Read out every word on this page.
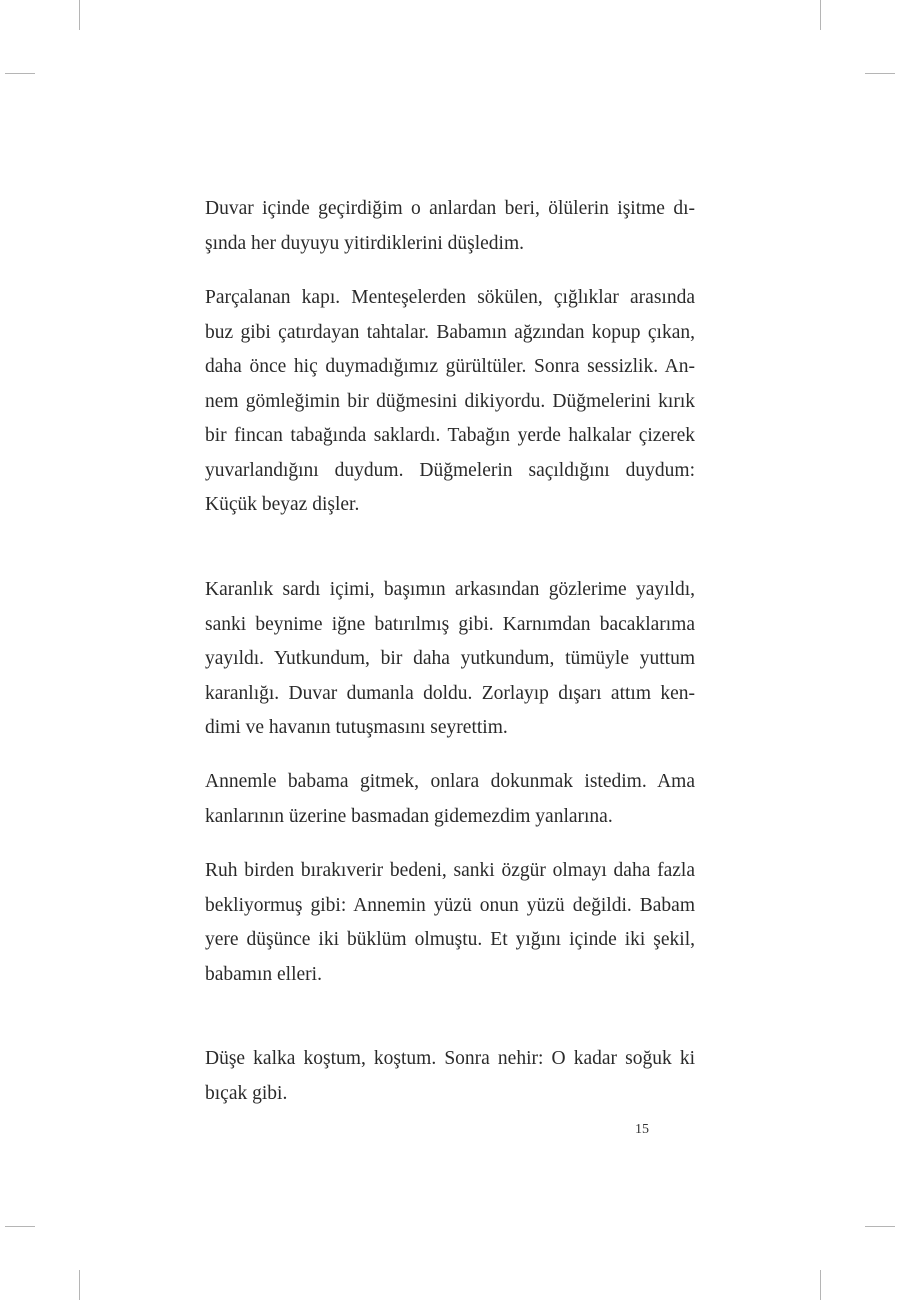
Duvar içinde geçirdiğim o anlardan beri, ölülerin işitme dı-
şında her duyuyu yitirdiklerini düşledim.

Parçalanan kapı. Menteşelerden sökülen, çığlıklar arasında
buz gibi çatırdayan tahtalar. Babamın ağzından kopup çıkan,
daha önce hiç duymadığımız gürültüler. Sonra sessizlik. An-
nem gömleğimin bir düğmesini dikiyordu. Düğmelerini kırık
bir fincan tabağında saklardı. Tabağın yerde halkalar çizerek
yuvarlandığını duydum. Düğmelerin saçıldığını duydum:
Küçük beyaz dişler.

Karanlık sardı içimi, başımın arkasından gözlerime yayıldı,
sanki beynime iğne batırılmış gibi. Karnımdan bacaklarıma
yayıldı. Yutkundum, bir daha yutkundum, tümüyle yuttum
karanlığı. Duvar dumanla doldu. Zorlayıp dışarı attım ken-
dimi ve havanın tutuşmasını seyrettim.

Annemle babama gitmek, onlara dokunmak istedim. Ama
kanlarının üzerine basmadan gidemezdim yanlarına.

Ruh birden bırakıverir bedeni, sanki özgür olmayı daha fazla
bekliyormuş gibi: Annemin yüzü onun yüzü değildi. Babam
yere düşünce iki büklüm olmuştu. Et yığını içinde iki şekil,
babamın elleri.

Düşe kalka koştum, koştum. Sonra nehir: O kadar soğuk ki
bıçak gibi.

15
